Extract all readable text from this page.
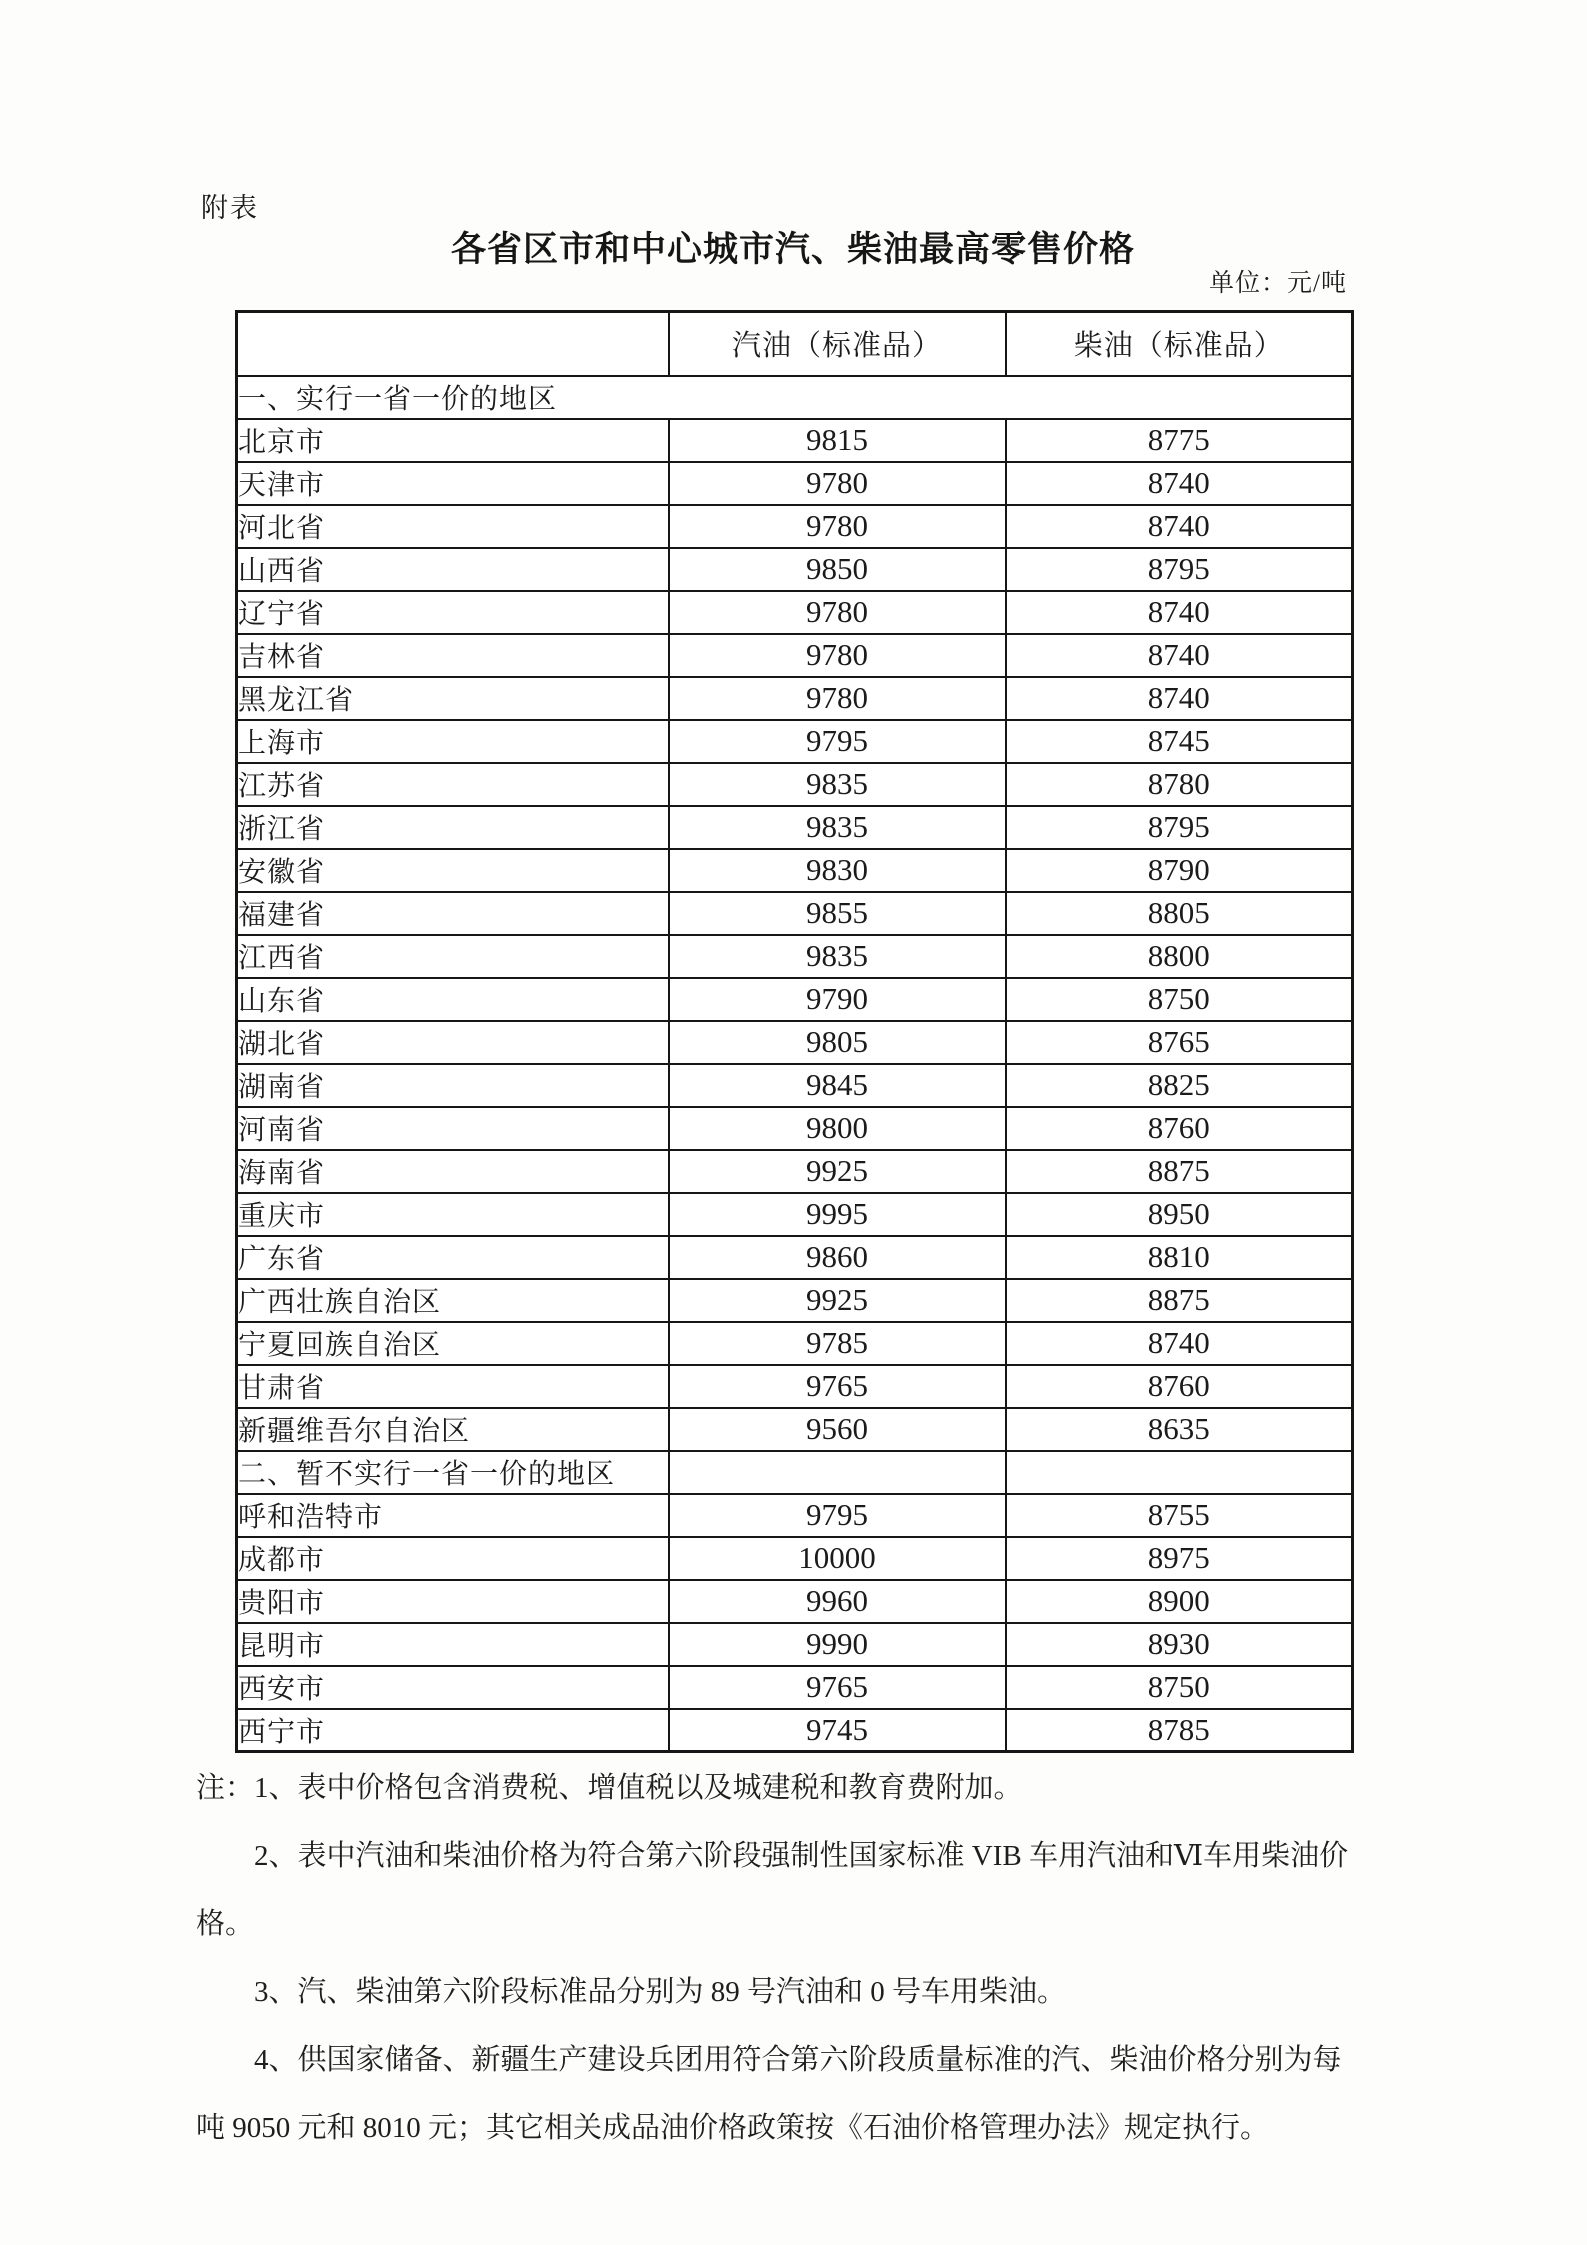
附表
各省区市和中心城市汽、柴油最高零售价格
单位：元/吨
	汽油（标准品）	柴油（标准品）
一、实行一省一价的地区		
北京市	9815	8775
天津市	9780	8740
河北省	9780	8740
山西省	9850	8795
辽宁省	9780	8740
吉林省	9780	8740
黑龙江省	9780	8740
上海市	9795	8745
江苏省	9835	8780
浙江省	9835	8795
安徽省	9830	8790
福建省	9855	8805
江西省	9835	8800
山东省	9790	8750
湖北省	9805	8765
湖南省	9845	8825
河南省	9800	8760
海南省	9925	8875
重庆市	9995	8950
广东省	9860	8810
广西壮族自治区	9925	8875
宁夏回族自治区	9785	8740
甘肃省	9765	8760
新疆维吾尔自治区	9560	8635
二、暂不实行一省一价的地区		
呼和浩特市	9795	8755
成都市	10000	8975
贵阳市	9960	8900
昆明市	9990	8930
西安市	9765	8750
西宁市	9745	8785
注：1、表中价格包含消费税、增值税以及城建税和教育费附加。
2、表中汽油和柴油价格为符合第六阶段强制性国家标准 VIB 车用汽油和Ⅵ车用柴油价
格。
3、汽、柴油第六阶段标准品分别为 89 号汽油和 0 号车用柴油。
4、供国家储备、新疆生产建设兵团用符合第六阶段质量标准的汽、柴油价格分别为每
吨 9050 元和 8010 元；其它相关成品油价格政策按《石油价格管理办法》规定执行。
